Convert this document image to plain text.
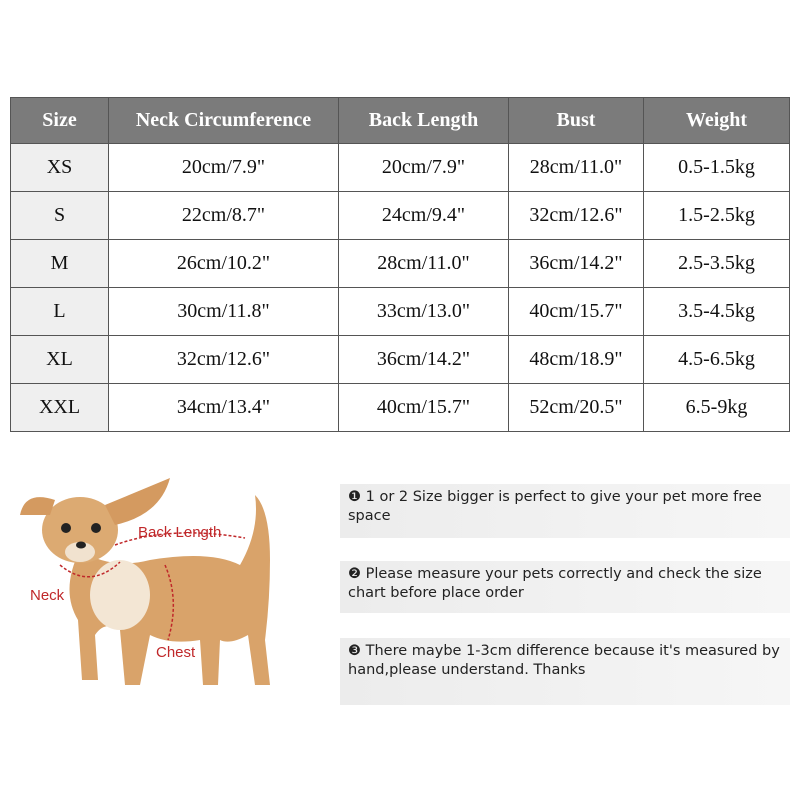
Size	Neck Circumference	Back Length	Bust	Weight
XS	20cm/7.9"	20cm/7.9"	28cm/11.0"	0.5-1.5kg
S	22cm/8.7"	24cm/9.4"	32cm/12.6"	1.5-2.5kg
M	26cm/10.2"	28cm/11.0"	36cm/14.2"	2.5-3.5kg
L	30cm/11.8"	33cm/13.0"	40cm/15.7"	3.5-4.5kg
XL	32cm/12.6"	36cm/14.2"	48cm/18.9"	4.5-6.5kg
XXL	34cm/13.4"	40cm/15.7"	52cm/20.5"	6.5-9kg
Back Length
Neck
Chest
❶ 1 or 2 Size bigger is perfect to give your pet more free space
❷ Please measure your pets correctly and check the size chart before place order
❸ There maybe 1-3cm difference because it's measured by hand,please understand. Thanks
